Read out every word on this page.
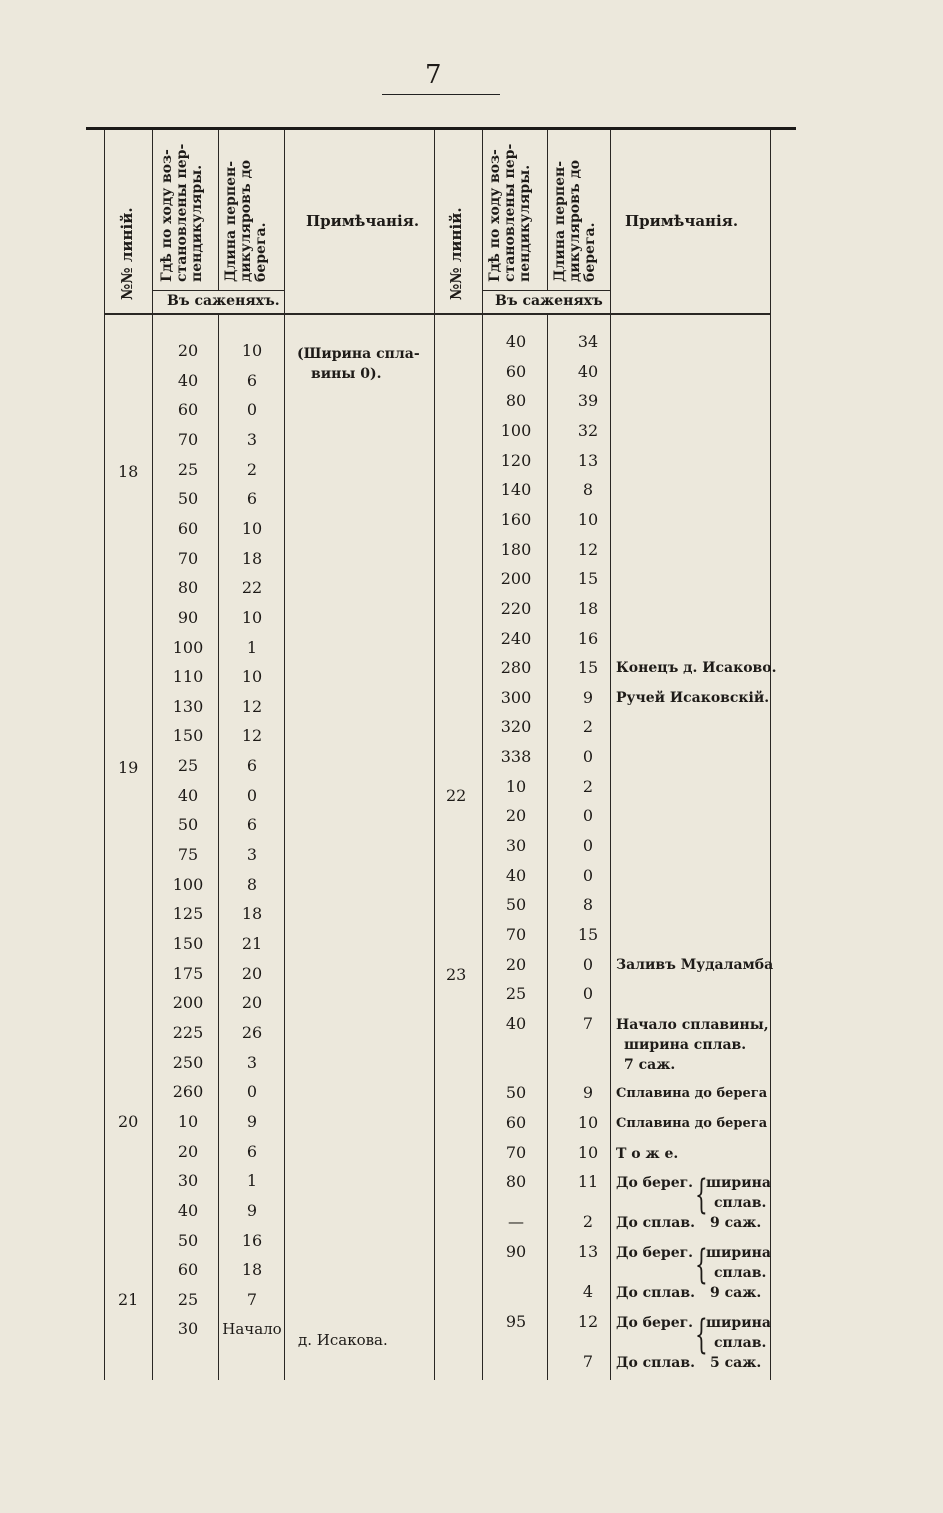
7
№№ линій. Гдѣ по ходу воз- становлены пер- пендикуляры. Длина перпен- дикуляровъ до берега.
Примѣчанія. №№ линій. Гдѣ по ходу воз- становлены пер- пендикуляры. Длина перпен- дикуляровъ до берега.
Примѣчанія.
Въ саженяхъ.	Въ саженяхъ
18
19
20
21
22
23
20
40
60
70
25
50
60
70
80
90
100
110
130
150
25
40
50
75
100
125
150
175
200
225
250
260
10
20
30
40
50
60
25
30
10
6
0
3
2
6
10
18
22
10
1
10
12
12
6
0
6
3
8
18
21
20
20
26
3
0
9
6
1
9
16
18
7
Начало
40
60
80
100
120
140
160
180
200
220
240
280
300
320
338
10
20
30
40
50
70
20
25
40
50
60
70
80
—
90
95
34
40
39
32
13
8
10
12
15
18
16
15
9
2
0
2
0
0
0
8
15
0
0
7
9
10
10
11
2
13
4
12
7
(Ширина спла-
вины 0).
д. Исакова.
Конецъ д. Исаково.
Ручей Исаковскій.
Заливъ Мудаламба
Начало сплавины,
ширина сплав.
7 саж.
Сплавина до берега
Сплавина до берега
Т о ж е.
До берег.
До сплав.
{
ширина
сплав.
9 саж.
До берег.
До сплав.
{
ширина
сплав.
9 саж.
До берег.
До сплав.
{
ширина
сплав.
5 саж.
